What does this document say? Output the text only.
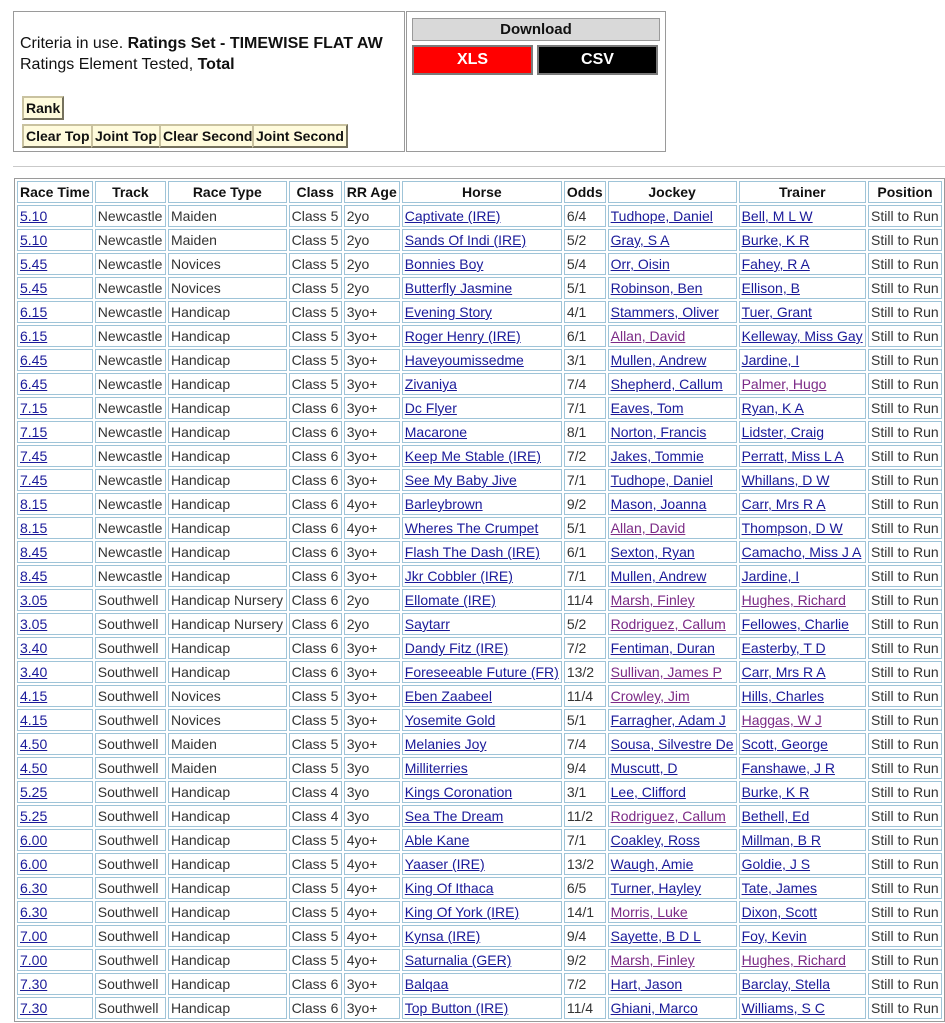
Criteria in use. Ratings Set - TIMEWISE FLAT AW
Ratings Element Tested, Total
Rank
Clear Top Joint Top Clear Second Joint Second
Download
XLS	CSV
Race Time	Track	Race Type	Class	RR Age	Horse	Odds	Jockey	Trainer	Position
5.10	Newcastle	Maiden	Class 5	2yo	Captivate (IRE)	6/4	Tudhope, Daniel	Bell, M L W	Still to Run
5.10	Newcastle	Maiden	Class 5	2yo	Sands Of Indi (IRE)	5/2	Gray, S A	Burke, K R	Still to Run
5.45	Newcastle	Novices	Class 5	2yo	Bonnies Boy	5/4	Orr, Oisin	Fahey, R A	Still to Run
5.45	Newcastle	Novices	Class 5	2yo	Butterfly Jasmine	5/1	Robinson, Ben	Ellison, B	Still to Run
6.15	Newcastle	Handicap	Class 5	3yo+	Evening Story	4/1	Stammers, Oliver	Tuer, Grant	Still to Run
6.15	Newcastle	Handicap	Class 5	3yo+	Roger Henry (IRE)	6/1	Allan, David	Kelleway, Miss Gay	Still to Run
6.45	Newcastle	Handicap	Class 5	3yo+	Haveyoumissedme	3/1	Mullen, Andrew	Jardine, I	Still to Run
6.45	Newcastle	Handicap	Class 5	3yo+	Zivaniya	7/4	Shepherd, Callum	Palmer, Hugo	Still to Run
7.15	Newcastle	Handicap	Class 6	3yo+	Dc Flyer	7/1	Eaves, Tom	Ryan, K A	Still to Run
7.15	Newcastle	Handicap	Class 6	3yo+	Macarone	8/1	Norton, Francis	Lidster, Craig	Still to Run
7.45	Newcastle	Handicap	Class 6	3yo+	Keep Me Stable (IRE)	7/2	Jakes, Tommie	Perratt, Miss L A	Still to Run
7.45	Newcastle	Handicap	Class 6	3yo+	See My Baby Jive	7/1	Tudhope, Daniel	Whillans, D W	Still to Run
8.15	Newcastle	Handicap	Class 6	4yo+	Barleybrown	9/2	Mason, Joanna	Carr, Mrs R A	Still to Run
8.15	Newcastle	Handicap	Class 6	4yo+	Wheres The Crumpet	5/1	Allan, David	Thompson, D W	Still to Run
8.45	Newcastle	Handicap	Class 6	3yo+	Flash The Dash (IRE)	6/1	Sexton, Ryan	Camacho, Miss J A	Still to Run
8.45	Newcastle	Handicap	Class 6	3yo+	Jkr Cobbler (IRE)	7/1	Mullen, Andrew	Jardine, I	Still to Run
3.05	Southwell	Handicap Nursery	Class 6	2yo	Ellomate (IRE)	11/4	Marsh, Finley	Hughes, Richard	Still to Run
3.05	Southwell	Handicap Nursery	Class 6	2yo	Saytarr	5/2	Rodriguez, Callum	Fellowes, Charlie	Still to Run
3.40	Southwell	Handicap	Class 6	3yo+	Dandy Fitz (IRE)	7/2	Fentiman, Duran	Easterby, T D	Still to Run
3.40	Southwell	Handicap	Class 6	3yo+	Foreseeable Future (FR)	13/2	Sullivan, James P	Carr, Mrs R A	Still to Run
4.15	Southwell	Novices	Class 5	3yo+	Eben Zaabeel	11/4	Crowley, Jim	Hills, Charles	Still to Run
4.15	Southwell	Novices	Class 5	3yo+	Yosemite Gold	5/1	Farragher, Adam J	Haggas, W J	Still to Run
4.50	Southwell	Maiden	Class 5	3yo+	Melanies Joy	7/4	Sousa, Silvestre De	Scott, George	Still to Run
4.50	Southwell	Maiden	Class 5	3yo	Milliterries	9/4	Muscutt, D	Fanshawe, J R	Still to Run
5.25	Southwell	Handicap	Class 4	3yo	Kings Coronation	3/1	Lee, Clifford	Burke, K R	Still to Run
5.25	Southwell	Handicap	Class 4	3yo	Sea The Dream	11/2	Rodriguez, Callum	Bethell, Ed	Still to Run
6.00	Southwell	Handicap	Class 5	4yo+	Able Kane	7/1	Coakley, Ross	Millman, B R	Still to Run
6.00	Southwell	Handicap	Class 5	4yo+	Yaaser (IRE)	13/2	Waugh, Amie	Goldie, J S	Still to Run
6.30	Southwell	Handicap	Class 5	4yo+	King Of Ithaca	6/5	Turner, Hayley	Tate, James	Still to Run
6.30	Southwell	Handicap	Class 5	4yo+	King Of York (IRE)	14/1	Morris, Luke	Dixon, Scott	Still to Run
7.00	Southwell	Handicap	Class 5	4yo+	Kynsa (IRE)	9/4	Sayette, B D L	Foy, Kevin	Still to Run
7.00	Southwell	Handicap	Class 5	4yo+	Saturnalia (GER)	9/2	Marsh, Finley	Hughes, Richard	Still to Run
7.30	Southwell	Handicap	Class 6	3yo+	Balqaa	7/2	Hart, Jason	Barclay, Stella	Still to Run
7.30	Southwell	Handicap	Class 6	3yo+	Top Button (IRE)	11/4	Ghiani, Marco	Williams, S C	Still to Run
